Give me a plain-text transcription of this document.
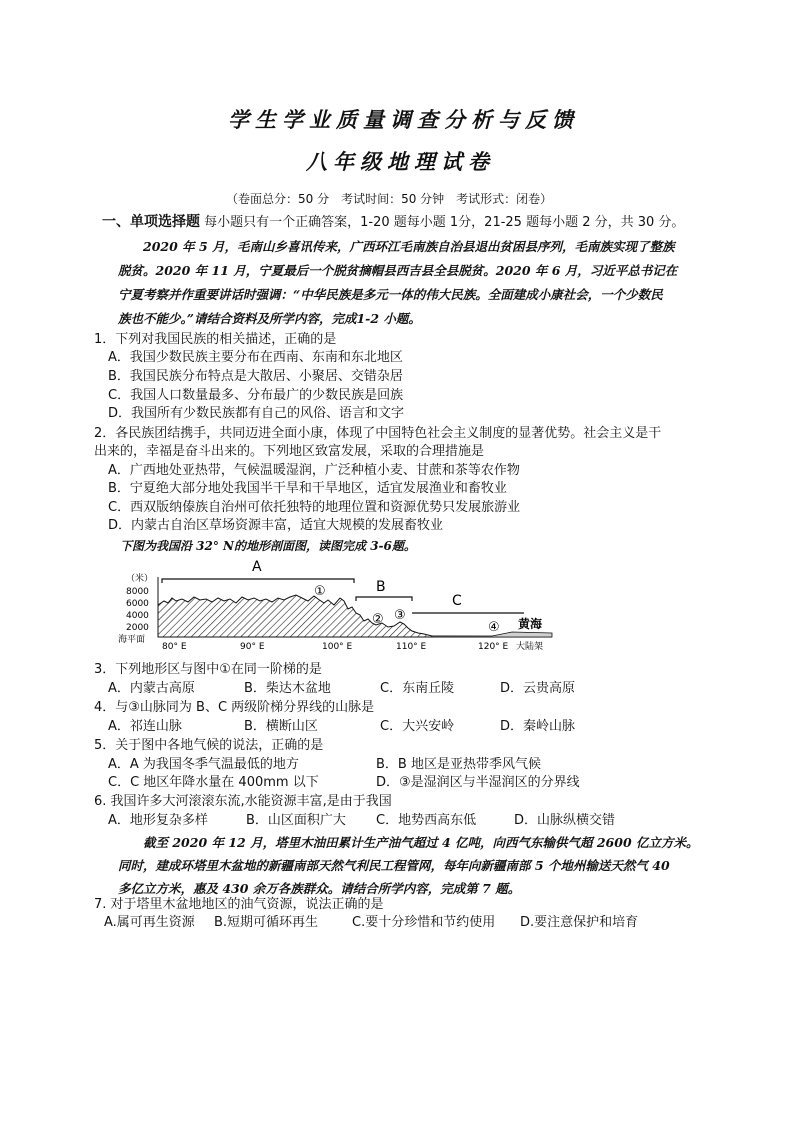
学生学业质量调查分析与反馈
八年级地理试卷
（卷面总分：50 分　考试时间：50 分钟　考试形式：闭卷）
一、单项选择题 每小题只有一个正确答案，1-20 题每小题 1分，21-25 题每小题 2 分，共 30 分。
　　2020 年 5 月，毛南山乡喜讯传来，广西环江毛南族自治县退出贫困县序列，毛南族实现了整族
脱贫。2020 年 11 月，宁夏最后一个脱贫摘帽县西吉县全县脱贫。2020 年 6 月，习近平总书记在
宁夏考察并作重要讲话时强调：“中华民族是多元一体的伟大民族。全面建成小康社会，一个少数民
族也不能少。”请结合资料及所学内容，完成1-2 小题。
1．下列对我国民族的相关描述，正确的是
A．我国少数民族主要分布在西南、东南和东北地区
B．我国民族分布特点是大散居、小聚居、交错杂居
C．我国人口数量最多、分布最广的少数民族是回族
D．我国所有少数民族都有自己的风俗、语言和文字
2．各民族团结携手，共同迈进全面小康，体现了中国特色社会主义制度的显著优势。社会主义是干
出来的，幸福是奋斗出来的。下列地区致富发展，采取的合理措施是
A．广西地处亚热带，气候温暖湿润，广泛种植小麦、甘蔗和茶等农作物
B．宁夏绝大部分地处我国半干旱和干旱地区，适宜发展渔业和畜牧业
C．西双版纳傣族自治州可依托独特的地理位置和资源优势只发展旅游业
D．内蒙古自治区草场资源丰富，适宜大规模的发展畜牧业
下图为我国沿 32° N的地形剖面图，读图完成 3-6题。
（米）
8000
6000
4000
2000
海平面
A
B
C
①
② ③
④ 黄海
80° E	90° E	100° E	110° E	120° E 大陆架
3．下列地形区与图中①在同一阶梯的是
A．内蒙古高原	B．柴达木盆地	C．东南丘陵	D．云贵高原
4．与③山脉同为 B、C 两级阶梯分界线的山脉是
A．祁连山脉	B．横断山区	C．大兴安岭	D．秦岭山脉
5．关于图中各地气候的说法，正确的是
A．A 为我国冬季气温最低的地方	B．B 地区是亚热带季风气候
C．C 地区年降水量在 400mm 以下	D．③是湿润区与半湿润区的分界线
6. 我国许多大河滚滚东流,水能资源丰富,是由于我国
A．地形复杂多样	B．山区面积广大 C．地势西高东低	D．山脉纵横交错
　　截至 2020 年 12 月，塔里木油田累计生产油气超过 4 亿吨，向西气东输供气超 2600 亿立方米。
同时，建成环塔里木盆地的新疆南部天然气利民工程管网，每年向新疆南部 5 个地州输送天然气 40
多亿立方米，惠及 430 余万各族群众。请结合所学内容，完成第 7 题。
7. 对于塔里木盆地地区的油气资源，说法正确的是
A.属可再生资源 B.短期可循环再生	C.要十分珍惜和节约使用 D.要注意保护和培育
